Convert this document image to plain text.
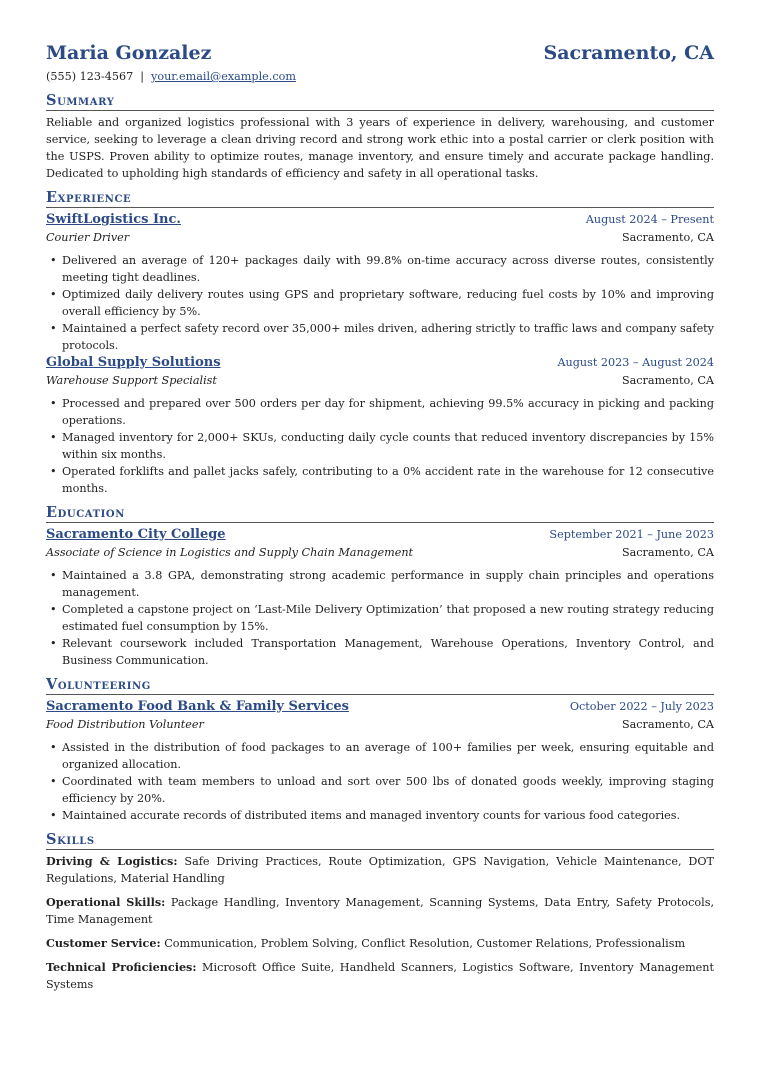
Maria Gonzalez	Sacramento, CA
(555) 123-4567 | your.email@example.com
Summary
Reliable and organized logistics professional with 3 years of experience in delivery, warehousing, and customer service, seeking to leverage a clean driving record and strong work ethic into a postal carrier or clerk position with the USPS. Proven ability to optimize routes, manage inventory, and ensure timely and accurate package handling. Dedicated to upholding high standards of efficiency and safety in all operational tasks.
Experience
SwiftLogistics Inc.	August 2024 – Present
Courier Driver	Sacramento, CA
• Delivered an average of 120+ packages daily with 99.8% on-time accuracy across diverse routes, consistently meeting tight deadlines.
• Optimized daily delivery routes using GPS and proprietary software, reducing fuel costs by 10% and improving overall efficiency by 5%.
• Maintained a perfect safety record over 35,000+ miles driven, adhering strictly to traffic laws and company safety protocols.
Global Supply Solutions	August 2023 – August 2024
Warehouse Support Specialist	Sacramento, CA
• Processed and prepared over 500 orders per day for shipment, achieving 99.5% accuracy in picking and packing operations.
• Managed inventory for 2,000+ SKUs, conducting daily cycle counts that reduced inventory discrepancies by 15% within six months.
• Operated forklifts and pallet jacks safely, contributing to a 0% accident rate in the warehouse for 12 consecutive months.
Education
Sacramento City College	September 2021 – June 2023
Associate of Science in Logistics and Supply Chain Management	Sacramento, CA
• Maintained a 3.8 GPA, demonstrating strong academic performance in supply chain principles and operations management.
• Completed a capstone project on ‘Last-Mile Delivery Optimization’ that proposed a new routing strategy reducing estimated fuel consumption by 15%.
• Relevant coursework included Transportation Management, Warehouse Operations, Inventory Control, and Business Communication.
Volunteering
Sacramento Food Bank & Family Services	October 2022 – July 2023
Food Distribution Volunteer	Sacramento, CA
• Assisted in the distribution of food packages to an average of 100+ families per week, ensuring equitable and organized allocation.
• Coordinated with team members to unload and sort over 500 lbs of donated goods weekly, improving staging efficiency by 20%.
• Maintained accurate records of distributed items and managed inventory counts for various food categories.
Skills
Driving & Logistics: Safe Driving Practices, Route Optimization, GPS Navigation, Vehicle Maintenance, DOT Regulations, Material Handling
Operational Skills: Package Handling, Inventory Management, Scanning Systems, Data Entry, Safety Protocols, Time Management
Customer Service: Communication, Problem Solving, Conflict Resolution, Customer Relations, Professionalism
Technical Proficiencies: Microsoft Office Suite, Handheld Scanners, Logistics Software, Inventory Management Systems
